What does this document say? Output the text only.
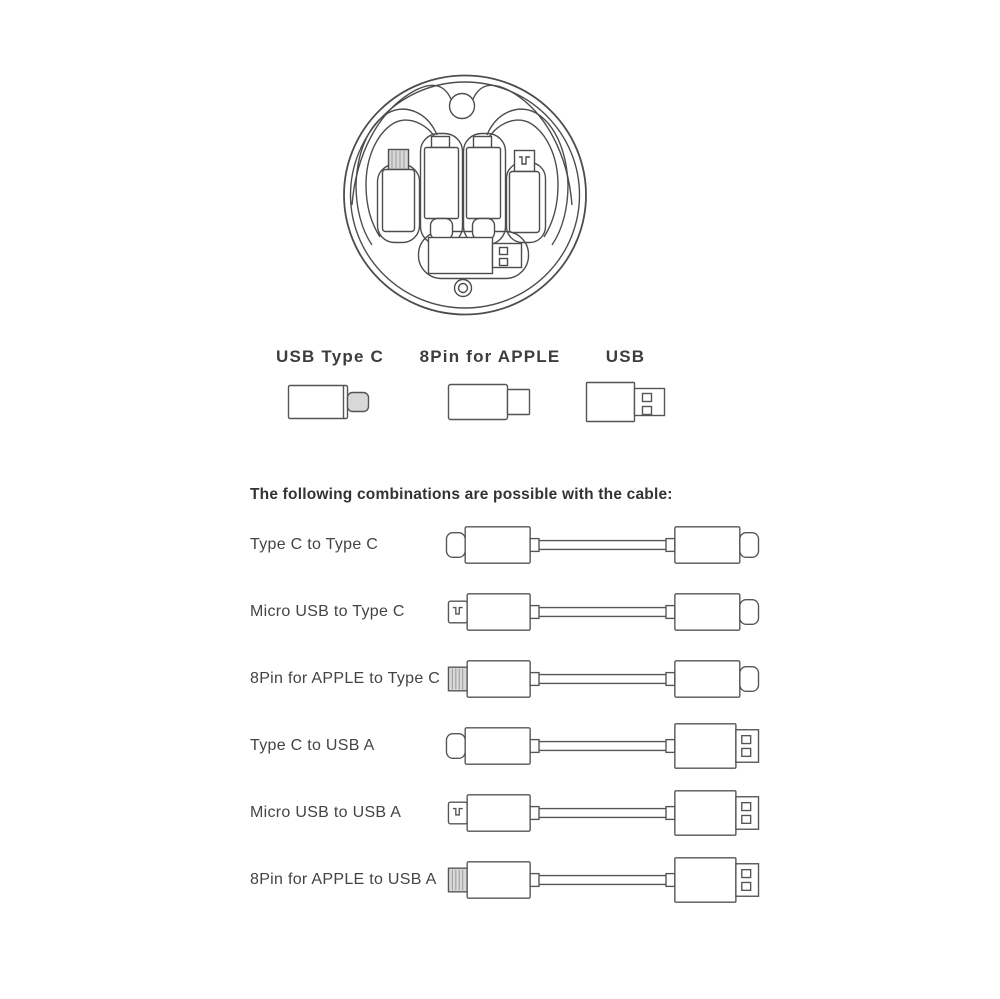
USB Type C 8Pin for APPLE	USB
The following combinations are possible with the cable:
Type C to Type C
Micro USB to Type C
8Pin for APPLE to Type C
Type C to USB A
Micro USB to USB A
8Pin for APPLE to USB A
